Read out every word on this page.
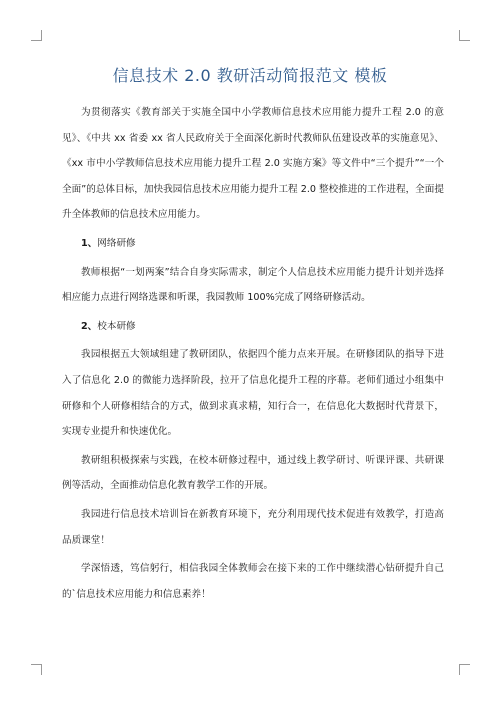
信息技术 2.0 教研活动简报范文 模板

为贯彻落实《教育部关于实施全国中小学教师信息技术应用能力提升工程 2.0 的意见》、《中共 xx 省委 xx 省人民政府关于全面深化新时代教师队伍建设改革的实施意见》、《xx 市中小学教师信息技术应用能力提升工程 2.0 实施方案》等文件中“三个提升”“一个全面”的总体目标，加快我园信息技术应用能力提升工程 2.0 整校推进的工作进程，全面提升全体教师的信息技术应用能力。

1、网络研修

教师根据“一划两案”结合自身实际需求，制定个人信息技术应用能力提升计划并选择相应能力点进行网络选课和听课，我园教师 100%完成了网络研修活动。

2、校本研修

我园根据五大领域组建了教研团队，依据四个能力点来开展。在研修团队的指导下进入了信息化 2.0 的微能力选择阶段，拉开了信息化提升工程的序幕。老师们通过小组集中研修和个人研修相结合的方式，做到求真求精，知行合一，在信息化大数据时代背景下，实现专业提升和快速优化。

教研组积极探索与实践，在校本研修过程中，通过线上教学研讨、听课评课、共研课例等活动，全面推动信息化教育教学工作的开展。

我园进行信息技术培训旨在新教育环境下，充分利用现代技术促进有效教学，打造高品质课堂！

学深悟透，笃信躬行，相信我园全体教师会在接下来的工作中继续潜心钻研提升自己的`信息技术应用能力和信息素养！
